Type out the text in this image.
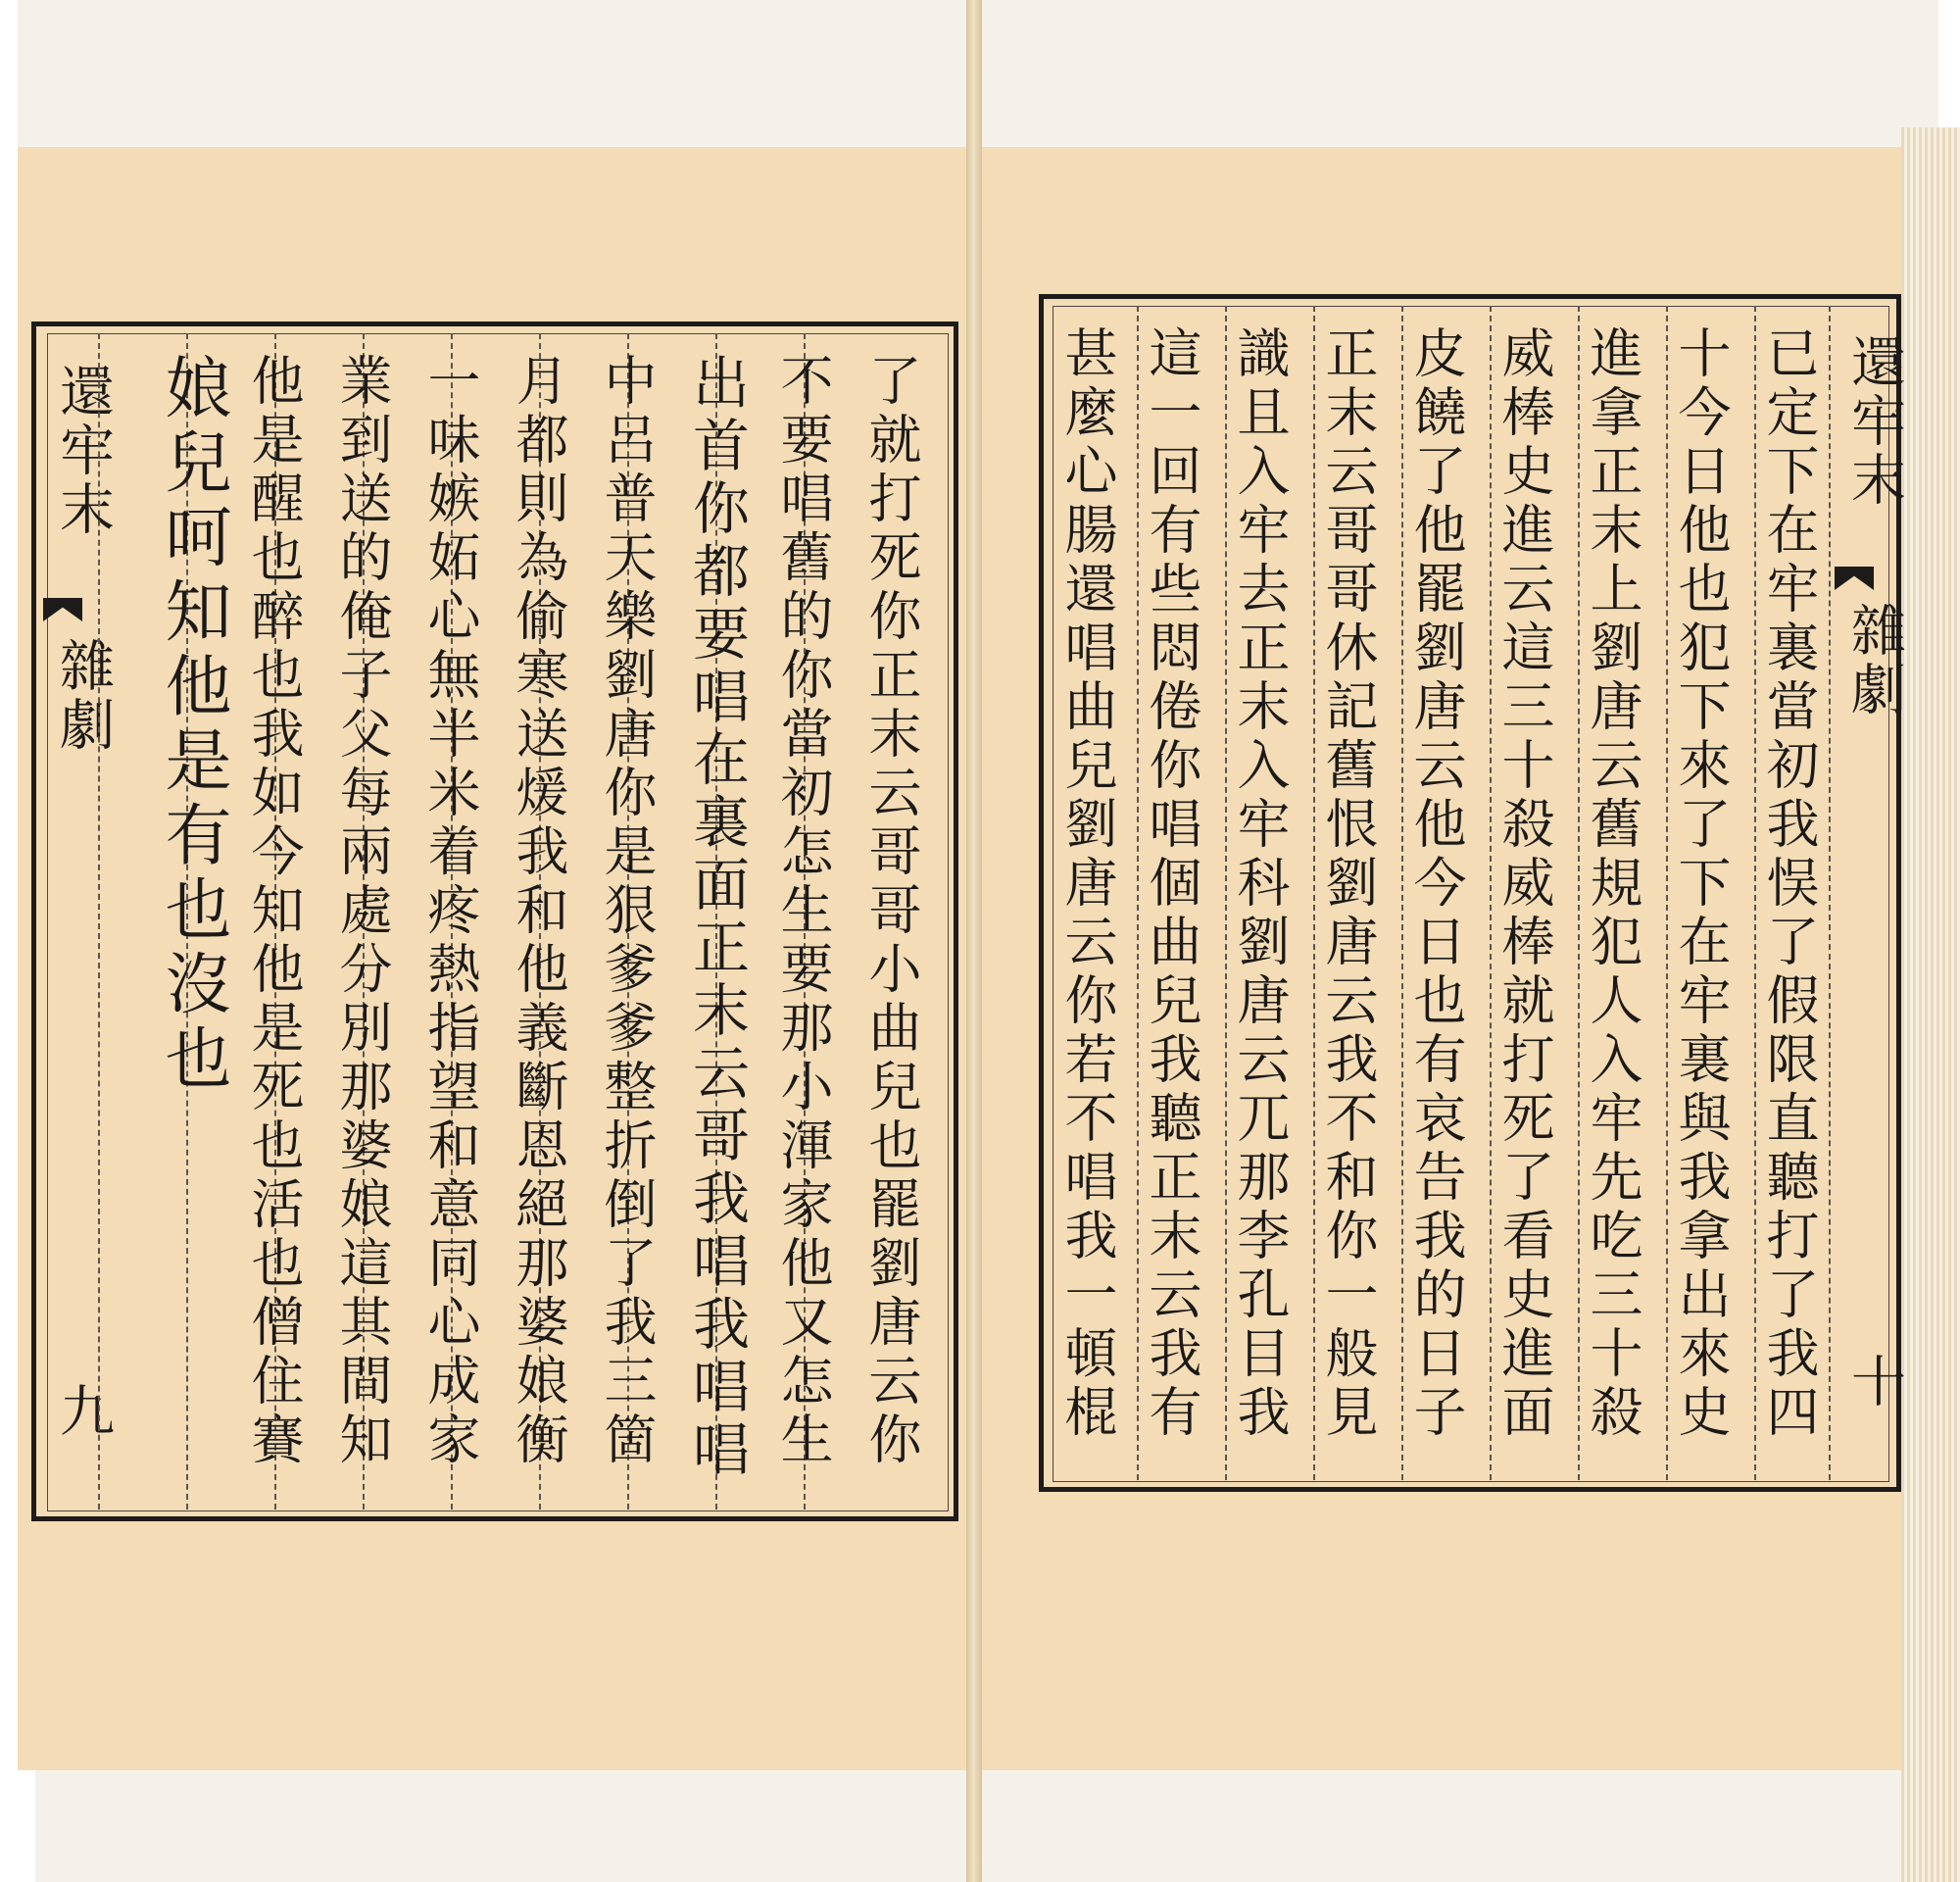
還牢末
雜劇
九	了就打死你正末云哥哥小曲兒也罷劉唐云你
不要唱舊的你當初怎生要那小渾家他又怎生
出首你都要唱在裏面正末云哥我唱我唱唱
中呂普天樂劉唐你是狠爹爹整折倒了我三箇
月都則為偷寒送煖我和他義斷恩絕那婆娘衡
一味嫉妬心無半米着疼熱指望和意同心成家
業到送的俺子父每兩處分別那婆娘這其間知
他是醒也醉也我如今知他是死也活也僧住賽
娘兒呵知他是有也沒也	還牢末
雜劇
十
已定下在牢裏當初我悮了假限直聽打了我四
十今日他也犯下來了下在牢裏與我拿出來史
進拿正末上劉唐云舊規犯人入牢先吃三十殺
威棒史進云這三十殺威棒就打死了看史進面
皮饒了他罷劉唐云他今日也有哀告我的日子
正末云哥哥休記舊恨劉唐云我不和你一般見
識且入牢去正末入牢科劉唐云兀那李孔目我
這一回有些悶倦你唱個曲兒我聽正末云我有
甚麼心腸還唱曲兒劉唐云你若不唱我一頓棍
